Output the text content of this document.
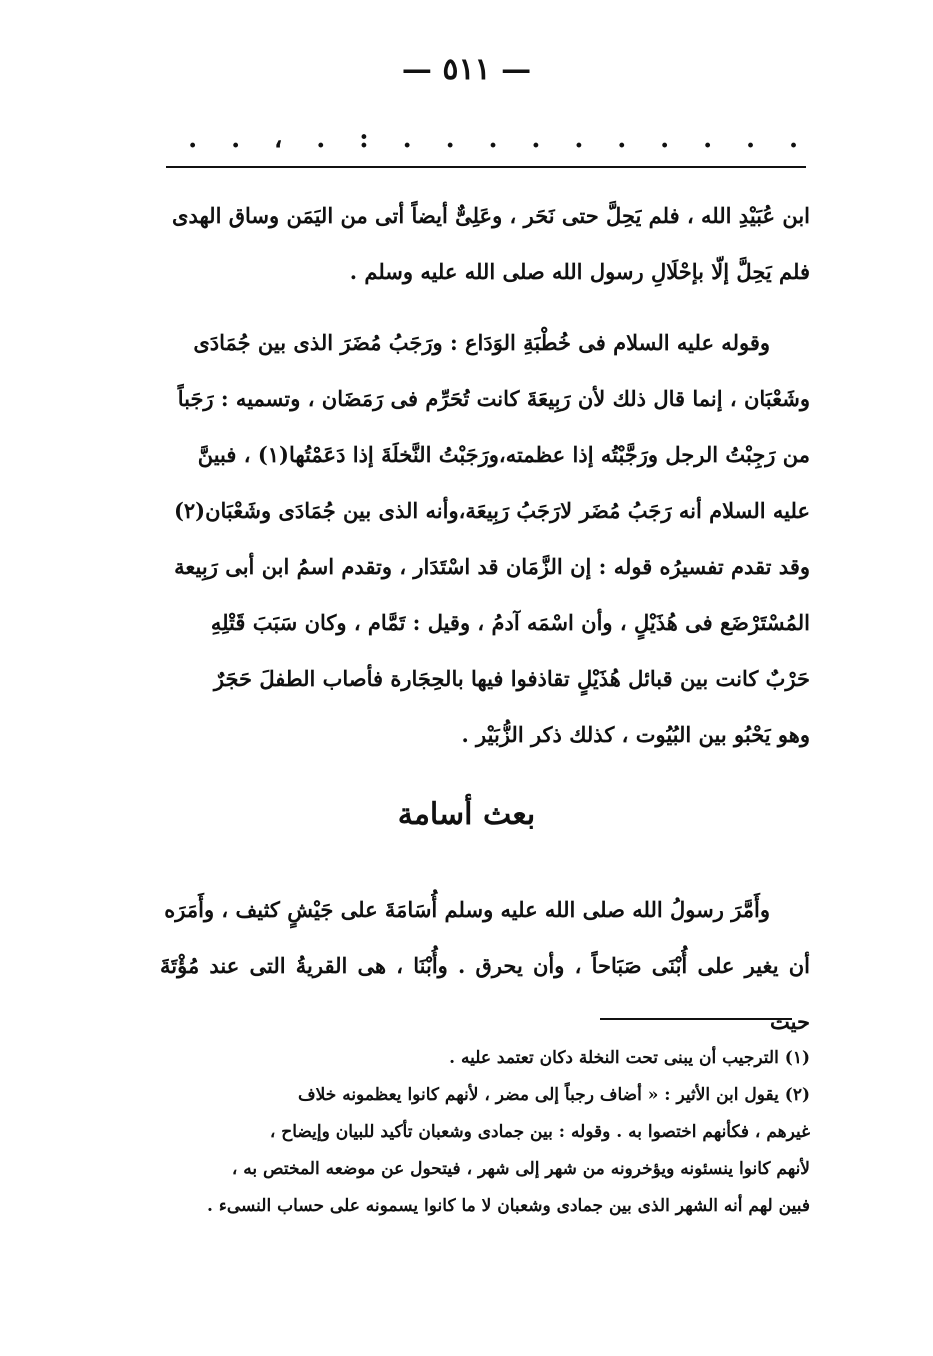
— ٥١١ —
.
.
.
.
.
.
.
.
.
.
:
.
،
.
.

ابن عُبَيْدِ الله ، فلم يَحِلَّ حتى نَحَر ، وعَلِىٌّ أيضاً أتى من اليَمَن وساق الهدى

فلم يَحِلَّ إلّا بإحْلَالِ رسول الله صلى الله عليه وسلم .

وقوله عليه السلام فى خُطْبَةِ الوَدَاع : ورَجَبُ مُضَرَ الذى بين جُمَادَى

وشَعْبَان ، إنما قال ذلك لأن رَبِيعَةَ كانت تُحَرِّم فى رَمَضَان ، وتسميه : رَجَباً

من رَجِبْتُ الرجل ورَجَّبْتُه إذا عظمته،ورَجَبْتُ النَّخلَةَ إذا دَعَمْتُها(١) ، فبينَّ

عليه السلام أنه رَجَبُ مُضَر لارَجَبُ رَبِيعَة،وأنه الذى بين جُمَادَى وشَعْبَان(٢)

وقد تقدم تفسيرُه قوله : إن الزَّمَان قد اسْتَدَار ، وتقدم اسمُ ابن أبى رَبِيعة

المُسْتَرْضَع فى هُذَيْلٍ ، وأن اسْمَه آدمُ ، وقيل : تَمَّام ، وكان سَبَبَ قَتْلِهِ

حَرْبٌ كانت بين قبائل هُذَيْلٍ تقاذفوا فيها بالحِجَارة فأصاب الطفلَ حَجَرٌ

وهو يَحْبُو بين البُيُوت ، كذلك ذكر الزُّبَيْر .

بعث أسامة

وأَمَّرَ رسولُ الله صلى الله عليه وسلم أُسَامَةَ على جَيْشٍ كثيف ، وأَمَرَه

أن يغير على أُبْنَى صَبَاحاً ، وأن يحرق . وأُبْنَا ، هى القريةُ التى عند مُؤْتَةَ حيث

(١) الترجيب أن يبنى تحت النخلة دكان تعتمد عليه .

(٢) يقول ابن الأثير : « أضاف رجباً إلى مضر ، لأنهم كانوا يعظمونه خلاف

غيرهم ، فكأنهم اختصوا به . وقوله : بين جمادى وشعبان تأكيد للبيان وإيضاح ،

لأنهم كانوا ينسئونه ويؤخرونه من شهر إلى شهر ، فيتحول عن موضعه المختص به ،

فبين لهم أنه الشهر الذى بين جمادى وشعبان لا ما كانوا يسمونه على حساب النسىء .
